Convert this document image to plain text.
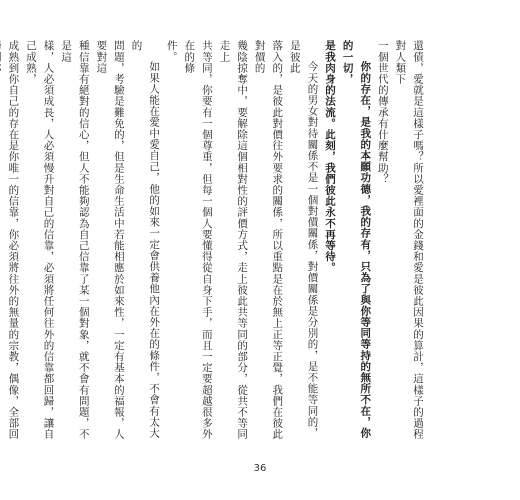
還債，愛就是這樣子嗎？所以愛裡面的金錢和愛是彼此因果的算計，這樣子的過程對人類下

一個世代的傳承有什麼幫助？

你的存在，是我的本願功德，我的存有，只為了與你等同等持的無所不在，你的一切，

是我肉身的法流。此刻，我們彼此永不再等待。

今天的男女對待關係不是一個對價關係，對價關係是分別的，是不能等同的，是彼此

落入的，是彼此對價往外要求的關係，所以重點是在於無上正等正覺，我們在彼此對價的

幾陰掠奪中，要解除這個相對性的評價方式，走上彼此共等同的部分，從共不等同走上

共等同，你要有一個尊重，但每一個人要懂得從自身下手，而且一定要超越很多外在的條

件。

如果人能在愛中愛自己，他的如來一定會供養他內在外在的條件，不會有太大的

問題，考驗是難免的，但是生命生活中若能相應於如來性，一定有基本的福報，人要對這

種信靠有絕對的信心，但人不能夠認為自己信靠了某一個對象，就不會有問題，不是這

樣，人必須成長，人必須慢升對自己的信靠，必須將任何往外的信靠都回歸，讓自己成熟，

成熟到你自己的存在是你唯一的信靠，你必須將往外的無量的宗教，偶像，全部回

36
